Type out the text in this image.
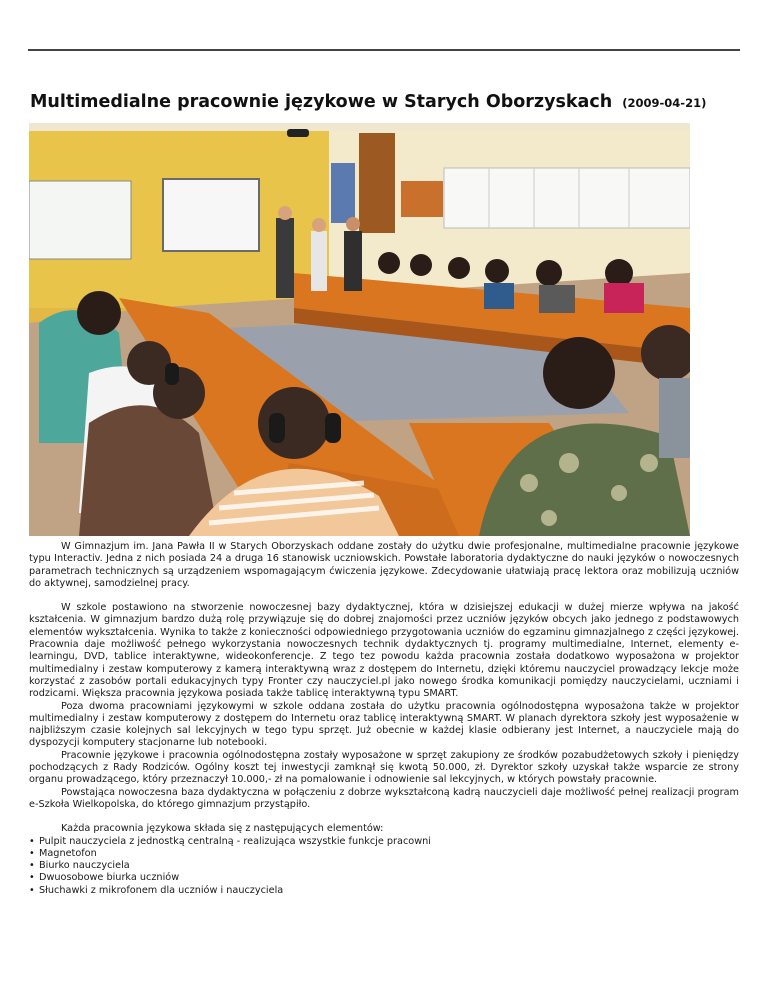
Multimedialne pracownie językowe w Starych Oborzyskach (2009-04-21)

W Gimnazjum im. Jana Pawła II w Starych Oborzyskach oddane zostały do użytku dwie profesjonalne, multimedialne pracownie językowe typu Interactiv. Jedna z nich posiada 24 a druga 16 stanowisk uczniowskich. Powstałe laboratoria dydaktyczne do nauki języków o nowoczesnych parametrach technicznych są urządzeniem wspomagającym ćwiczenia językowe. Zdecydowanie ułatwiają pracę lektora oraz mobilizują uczniów do aktywnej, samodzielnej pracy.

W szkole postawiono na stworzenie nowoczesnej bazy dydaktycznej, która w dzisiejszej edukacji w dużej mierze wpływa na jakość kształcenia. W gimnazjum bardzo dużą rolę przywiązuje się do dobrej znajomości przez uczniów języków obcych jako jednego z podstawowych elementów wykształcenia. Wynika to także z konieczności odpowiedniego przygotowania uczniów do egzaminu gimnazjalnego z części językowej. Pracownia daje możliwość pełnego wykorzystania nowoczesnych technik dydaktycznych tj. programy multimedialne, Internet, elementy e-learningu, DVD, tablice interaktywne, wideokonferencje. Z tego tez powodu każda pracownia została dodatkowo wyposażona w projektor multimedialny i zestaw komputerowy z kamerą interaktywną wraz z dostępem do Internetu, dzięki któremu nauczyciel prowadzący lekcje może korzystać z zasobów portali edukacyjnych typy Fronter czy nauczyciel.pl jako nowego środka komunikacji pomiędzy nauczycielami, uczniami i rodzicami. Większa pracownia językowa posiada także tablicę interaktywną typu SMART.

Poza dwoma pracowniami językowymi w szkole oddana została do użytku pracownia ogólnodostępna wyposażona także w projektor multimedialny i zestaw komputerowy z dostępem do Internetu oraz tablicę interaktywną SMART. W planach dyrektora szkoły jest wyposażenie w najbliższym czasie kolejnych sal lekcyjnych w tego typu sprzęt. Już obecnie w każdej klasie odbierany jest Internet, a nauczyciele mają do dyspozycji komputery stacjonarne lub notebooki.

Pracownie językowe i pracownia ogólnodostępna zostały wyposażone w sprzęt zakupiony ze środków pozabudżetowych szkoły i pieniędzy pochodzących z Rady Rodziców. Ogólny koszt tej inwestycji zamknął się kwotą 50.000, zł. Dyrektor szkoły uzyskał także wsparcie ze strony organu prowadzącego, który przeznaczył 10.000,- zł na pomalowanie i odnowienie sal lekcyjnych, w których powstały pracownie.

Powstająca nowoczesna baza dydaktyczna w połączeniu z dobrze wykształconą kadrą nauczycieli daje możliwość pełnej realizacji program e-Szkoła Wielkopolska, do którego gimnazjum przystąpiło.

Każda pracownia językowa składa się z następujących elementów:

• Pulpit nauczyciela z jednostką centralną - realizująca wszystkie funkcje pracowni
• Magnetofon
• Biurko nauczyciela
• Dwuosobowe biurka uczniów
• Słuchawki z mikrofonem dla uczniów i nauczyciela
